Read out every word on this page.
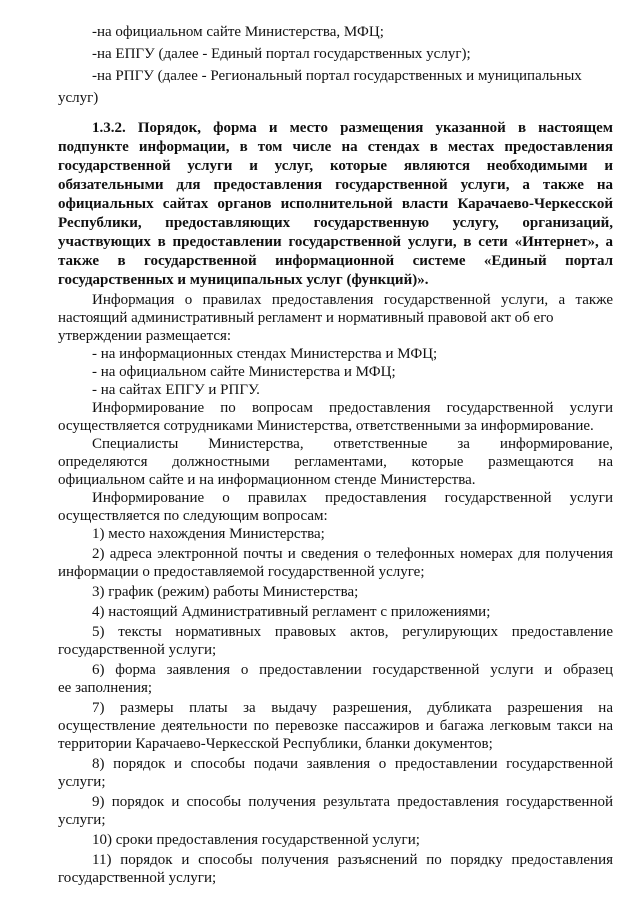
-на официальном сайте Министерства, МФЦ;
-на ЕПГУ (далее - Единый портал государственных услуг);
-на РПГУ (далее - Региональный портал государственных и муниципальных
услуг)
1.3.2. Порядок, форма и место размещения указанной в настоящем
подпункте информации, в том числе на стендах в местах предоставления
государственной услуги и услуг, которые являются необходимыми и
обязательными для предоставления государственной услуги, а также на
официальных сайтах органов исполнительной власти Карачаево-Черкесской
Республики, предоставляющих государственную услугу, организаций,
участвующих в предоставлении государственной услуги, в сети «Интернет», а
также в государственной информационной системе «Единый портал
государственных и муниципальных услуг (функций)».
Информация о правилах предоставления государственной услуги, а также
настоящий административный регламент и нормативный правовой акт об его
утверждении размещается:
- на информационных стендах Министерства и МФЦ;
- на официальном сайте Министерства и МФЦ;
- на сайтах ЕПГУ и РПГУ.
Информирование по вопросам предоставления государственной услуги
осуществляется сотрудниками Министерства, ответственными за информирование.
Специалисты Министерства, ответственные за информирование,
определяются должностными регламентами, которые размещаются на
официальном сайте и на информационном стенде Министерства.
Информирование о правилах предоставления государственной услуги
осуществляется по следующим вопросам:
1) место нахождения Министерства;
2) адреса электронной почты и сведения о телефонных номерах для получения
информации о предоставляемой государственной услуге;
3) график (режим) работы Министерства;
4) настоящий Административный регламент с приложениями;
5) тексты нормативных правовых актов, регулирующих предоставление
государственной услуги;
6) форма заявления о предоставлении государственной услуги и образец
ее заполнения;
7) размеры платы за выдачу разрешения, дубликата разрешения на
осуществление деятельности по перевозке пассажиров и багажа легковым такси на
территории Карачаево-Черкесской Республики, бланки документов;
8) порядок и способы подачи заявления о предоставлении государственной
услуги;
9) порядок и способы получения результата предоставления государственной
услуги;
10) сроки предоставления государственной услуги;
11) порядок и способы получения разъяснений по порядку предоставления
государственной услуги;
